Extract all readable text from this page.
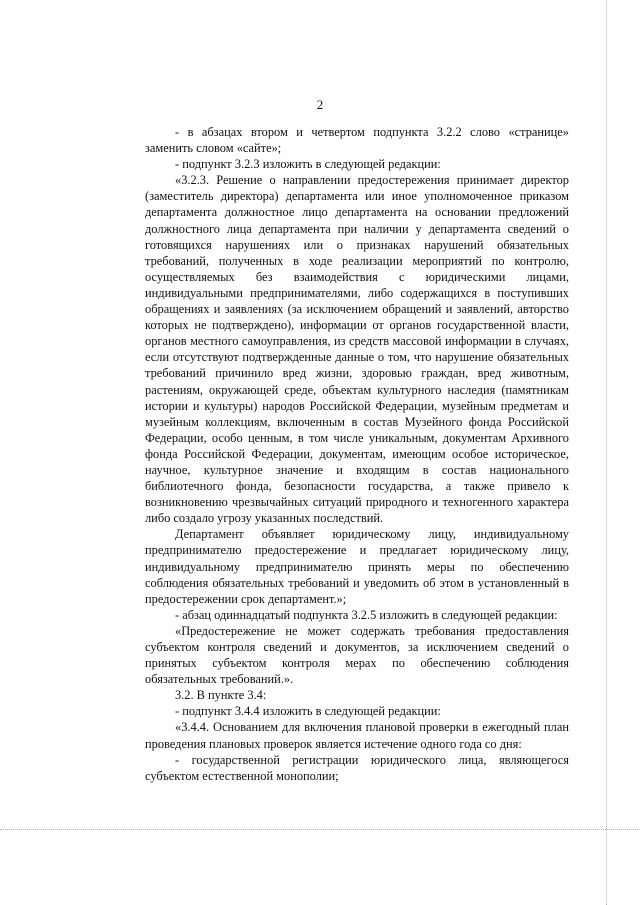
2

- в абзацах втором и четвертом подпункта 3.2.2 слово «странице» заменить словом «сайте»;

- подпункт 3.2.3 изложить в следующей редакции:

«3.2.3. Решение о направлении предостережения принимает директор (заместитель директора) департамента или иное уполномоченное приказом департамента должностное лицо департамента на основании предложений должностного лица департамента при наличии у департамента сведений о готовящихся нарушениях или о признаках нарушений обязательных требований, полученных в ходе реализации мероприятий по контролю, осуществляемых без взаимодействия с юридическими лицами, индивидуальными предпринимателями, либо содержащихся в поступивших обращениях и заявлениях (за исключением обращений и заявлений, авторство которых не подтверждено), информации от органов государственной власти, органов местного самоуправления, из средств массовой информации в случаях, если отсутствуют подтвержденные данные о том, что нарушение обязательных требований причинило вред жизни, здоровью граждан, вред животным, растениям, окружающей среде, объектам культурного наследия (памятникам истории и культуры) народов Российской Федерации, музейным предметам и музейным коллекциям, включенным в состав Музейного фонда Российской Федерации, особо ценным, в том числе уникальным, документам Архивного фонда Российской Федерации, документам, имеющим особое историческое, научное, культурное значение и входящим в состав национального библиотечного фонда, безопасности государства, а также привело к возникновению чрезвычайных ситуаций природного и техногенного характера либо создало угрозу указанных последствий.

Департамент объявляет юридическому лицу, индивидуальному предпринимателю предостережение и предлагает юридическому лицу, индивидуальному предпринимателю принять меры по обеспечению соблюдения обязательных требований и уведомить об этом в установленный в предостережении срок департамент.»;

- абзац одиннадцатый подпункта 3.2.5 изложить в следующей редакции:

«Предостережение не может содержать требования предоставления субъектом контроля сведений и документов, за исключением сведений о принятых субъектом контроля мерах по обеспечению соблюдения обязательных требований.».

3.2. В пункте 3.4:

- подпункт 3.4.4 изложить в следующей редакции:

«3.4.4. Основанием для включения плановой проверки в ежегодный план проведения плановых проверок является истечение одного года со дня:

- государственной регистрации юридического лица, являющегося субъектом естественной монополии;
